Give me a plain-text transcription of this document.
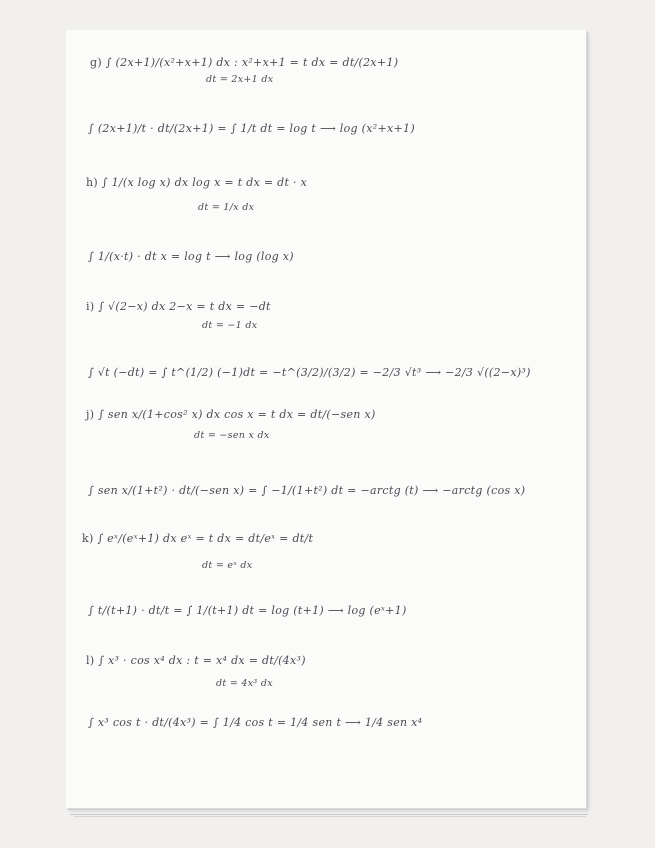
g) ∫ (2x+1)/(x²+x+1) dx : x²+x+1 = t dx = dt/(2x+1)
dt = 2x+1 dx
∫ (2x+1)/t · dt/(2x+1) = ∫ 1/t dt = log t ⟶ log (x²+x+1)
h) ∫ 1/(x log x) dx log x = t dx = dt · x
dt = 1/x dx
∫ 1/(x·t) · dt x = log t ⟶ log (log x)
i) ∫ √(2−x) dx 2−x = t dx = −dt
dt = −1 dx
∫ √t (−dt) = ∫ t^(1/2) (−1)dt = −t^(3/2)/(3/2) = −2/3 √t³ ⟶ −2/3 √((2−x)³)
j) ∫ sen x/(1+cos² x) dx cos x = t dx = dt/(−sen x)
dt = −sen x dx
∫ sen x/(1+t²) · dt/(−sen x) = ∫ −1/(1+t²) dt = −arctg (t) ⟶ −arctg (cos x)
k) ∫ eˣ/(eˣ+1) dx eˣ = t dx = dt/eˣ = dt/t
dt = eˣ dx
∫ t/(t+1) · dt/t = ∫ 1/(t+1) dt = log (t+1) ⟶ log (eˣ+1)
l) ∫ x³ · cos x⁴ dx : t = x⁴ dx = dt/(4x³)
dt = 4x³ dx
∫ x³ cos t · dt/(4x³) = ∫ 1/4 cos t = 1/4 sen t ⟶ 1/4 sen x⁴
